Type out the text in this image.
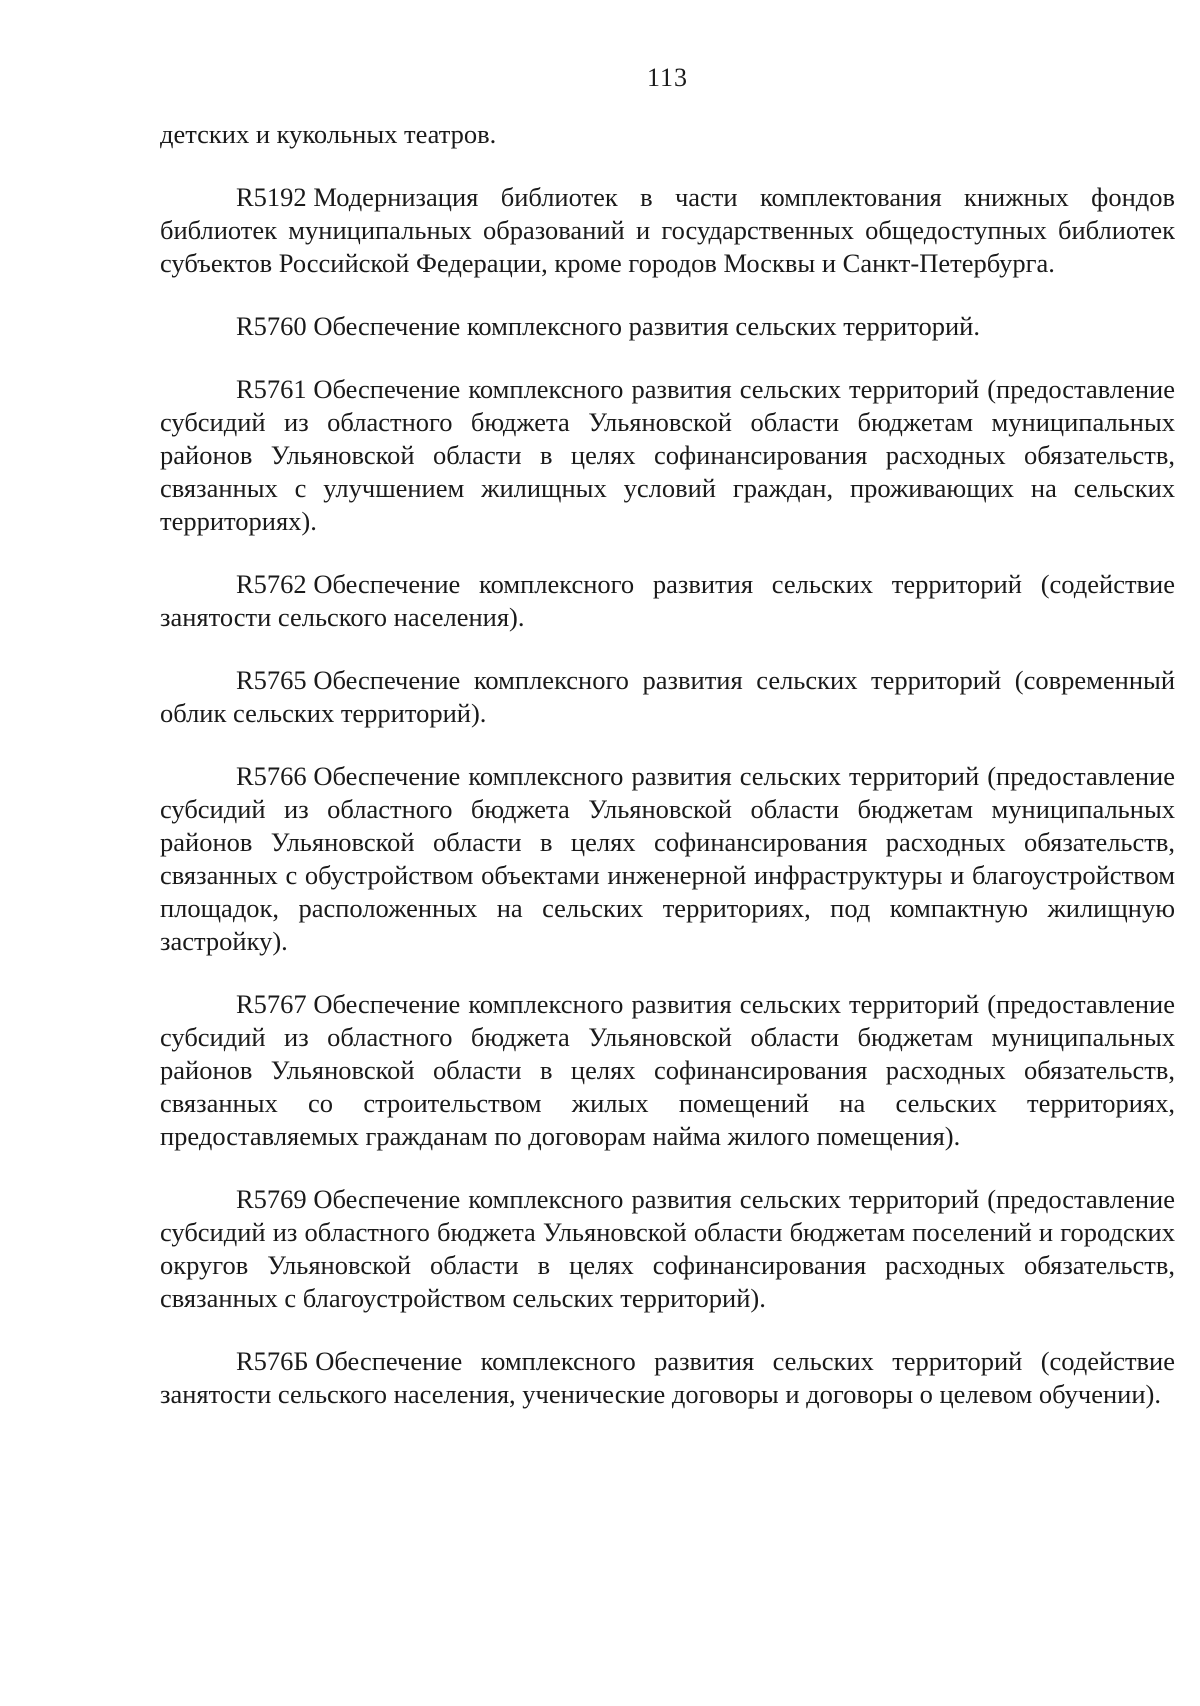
113

детских и кукольных театров.

R5192 Модернизация библиотек в части комплектования книжных фондов библиотек муниципальных образований и государственных общедоступных библиотек субъектов Российской Федерации, кроме городов Москвы и Санкт-Петербурга.

R5760 Обеспечение комплексного развития сельских территорий.

R5761 Обеспечение комплексного развития сельских территорий (предоставление субсидий из областного бюджета Ульяновской области бюджетам муниципальных районов Ульяновской области в целях софинансирования расходных обязательств, связанных с улучшением жилищных условий граждан, проживающих на сельских территориях).

R5762 Обеспечение комплексного развития сельских территорий (содействие занятости сельского населения).

R5765 Обеспечение комплексного развития сельских территорий (современный облик сельских территорий).

R5766 Обеспечение комплексного развития сельских территорий (предоставление субсидий из областного бюджета Ульяновской области бюджетам муниципальных районов Ульяновской области в целях софинансирования расходных обязательств, связанных с обустройством объектами инженерной инфраструктуры и благоустройством площадок, расположенных на сельских территориях, под компактную жилищную застройку).

R5767 Обеспечение комплексного развития сельских территорий (предоставление субсидий из областного бюджета Ульяновской области бюджетам муниципальных районов Ульяновской области в целях софинансирования расходных обязательств, связанных со строительством жилых помещений на сельских территориях, предоставляемых гражданам по договорам найма жилого помещения).

R5769 Обеспечение комплексного развития сельских территорий (предоставление субсидий из областного бюджета Ульяновской области бюджетам поселений и городских округов Ульяновской области в целях софинансирования расходных обязательств, связанных с благоустройством сельских территорий).

R576Б Обеспечение комплексного развития сельских территорий (содействие занятости сельского населения, ученические договоры и договоры о целевом обучении).
